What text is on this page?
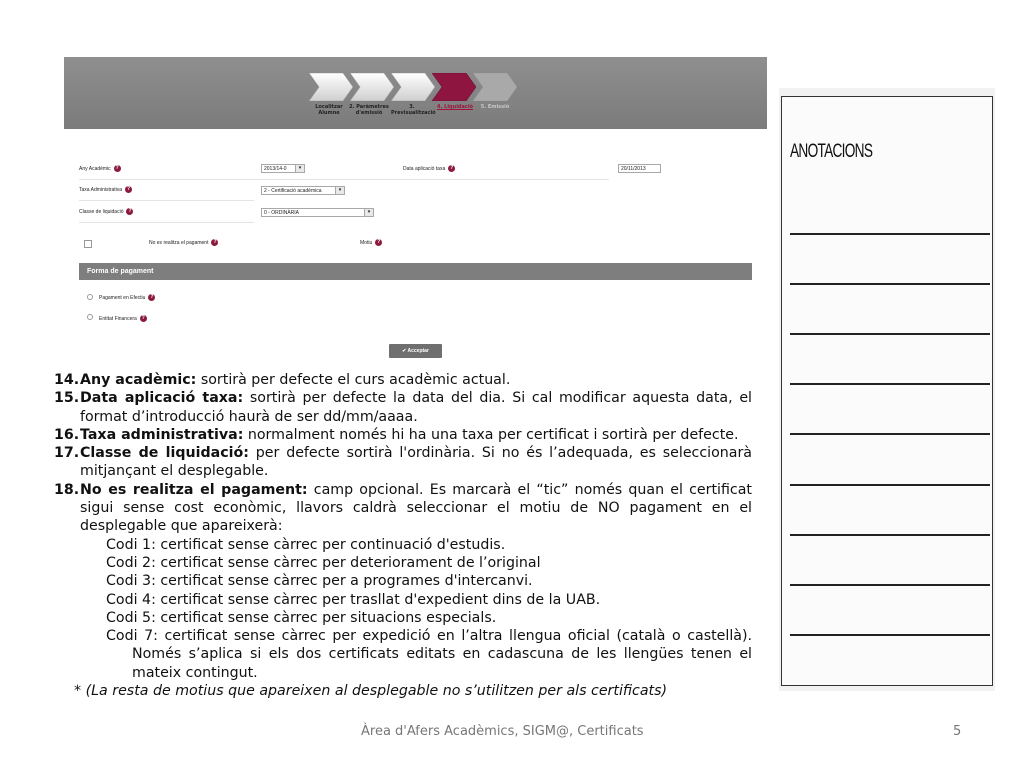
Localitzar Alumne
2. Paràmetres d'emissió
3. Previsualització
4. Liquidació	5. Emissió
Any Acadèmic ?	2013/14-0	▾	Data aplicació taxa ?	20/11/2013
Taxa Administrativa ?	2 - Certificació acadèmica	▾
Classe de liquidació ?	0 - ORDINÀRIA	▾
No es realitza el pagament ?	Motiu ?
Forma de pagament
Pagament en Efectiu ?
Entitat Financera ?
✔ Acceptar
14. Any acadèmic: sortirà per defecte el curs acadèmic actual.
15. Data aplicació taxa: sortirà per defecte la data del dia. Si cal modificar aquesta data, el format d’introducció haurà de ser dd/mm/aaaa.
16. Taxa administrativa: normalment només hi ha una taxa per certificat i sortirà per defecte.
17. Classe de liquidació: per defecte sortirà l'ordinària. Si no és l’adequada, es seleccionarà mitjançant el desplegable.
18. No es realitza el pagament: camp opcional. Es marcarà el “tic” només quan el certificat sigui sense cost econòmic, llavors caldrà seleccionar el motiu de NO pagament en el desplegable que apareixerà:
Codi 1: certificat sense càrrec per continuació d'estudis.
Codi 2: certificat sense càrrec per deteriorament de l’original
Codi 3: certificat sense càrrec per a programes d'intercanvi.
Codi 4: certificat sense càrrec per trasllat d'expedient dins de la UAB.
Codi 5: certificat sense càrrec per situacions especials.
Codi 7: certificat sense càrrec per expedició en l’altra llengua oficial (català o castellà). Només s’aplica si els dos certificats editats en cadascuna de les llengües tenen el mateix contingut.
* (La resta de motius que apareixen al desplegable no s’utilitzen per als certificats)
ANOTACIONS
Àrea d'Afers Acadèmics, SIGM@, Certificats	5
